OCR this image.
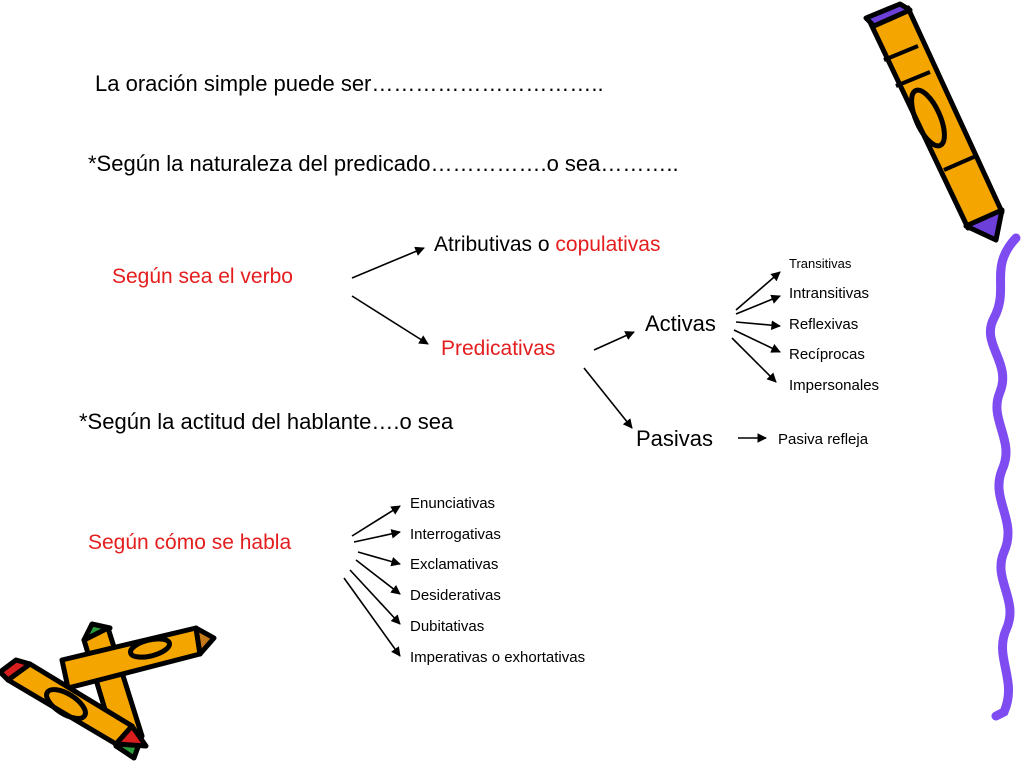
La oración simple puede ser…………………………..
*Según la naturaleza del predicado…………….o sea………..
Según sea el verbo
Atributivas o copulativas
Predicativas
Activas
Pasivas
Transitivas
Intransitivas
Reflexivas
Recíprocas
Impersonales
Pasiva refleja
*Según la actitud del hablante….o sea
Según cómo se habla
Enunciativas
Interrogativas
Exclamativas
Desiderativas
Dubitativas
Imperativas o exhortativas
